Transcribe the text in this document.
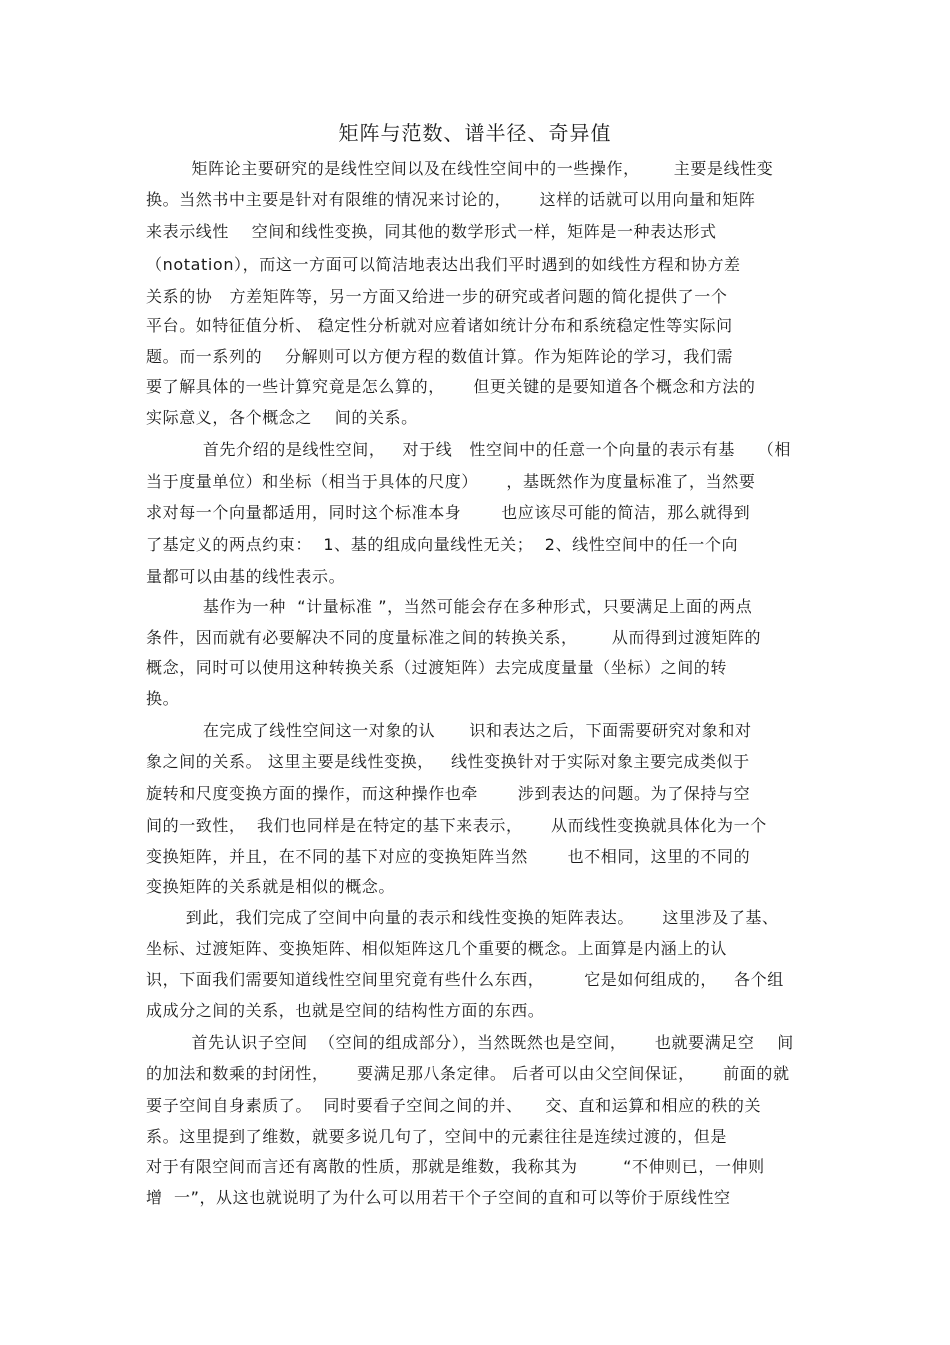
矩阵与范数、谱半径、奇异值
矩阵论主要研究的是线性空间以及在线性空间中的一些操作，      主要是线性变
换。当然书中主要是针对有限维的情况来讨论的，     这样的话就可以用向量和矩阵
来表示线性    空间和线性变换，同其他的数学形式一样，矩阵是一种表达形式
（notation），而这一方面可以简洁地表达出我们平时遇到的如线性方程和协方差
关系的协   方差矩阵等，另一方面又给进一步的研究或者问题的简化提供了一个
平台。如特征值分析、 稳定性分析就对应着诸如统计分布和系统稳定性等实际问
题。而一系列的    分解则可以方便方程的数值计算。作为矩阵论的学习，我们需
要了解具体的一些计算究竟是怎么算的，     但更关键的是要知道各个概念和方法的
实际意义，各个概念之    间的关系。
首先介绍的是线性空间，   对于线   性空间中的任意一个向量的表示有基    （相
当于度量单位）和坐标（相当于具体的尺度）     ，基既然作为度量标准了，当然要
求对每一个向量都适用，同时这个标准本身       也应该尽可能的简洁，那么就得到
了基定义的两点约束：  1、基的组成向量线性无关；  2、线性空间中的任一个向
量都可以由基的线性表示。
基作为一种  “计量标准 ”，当然可能会存在多种形式，只要满足上面的两点
条件，因而就有必要解决不同的度量标准之间的转换关系，      从而得到过渡矩阵的
概念，同时可以使用这种转换关系（过渡矩阵）去完成度量量（坐标）之间的转
换。
在完成了线性空间这一对象的认      识和表达之后，下面需要研究对象和对
象之间的关系。 这里主要是线性变换，   线性变换针对于实际对象主要完成类似于
旋转和尺度变换方面的操作，而这种操作也牵       涉到表达的问题。为了保持与空
间的一致性，  我们也同样是在特定的基下来表示，     从而线性变换就具体化为一个
变换矩阵，并且，在不同的基下对应的变换矩阵当然       也不相同，这里的不同的
变换矩阵的关系就是相似的概念。
到此，我们完成了空间中向量的表示和线性变换的矩阵表达。     这里涉及了基、
坐标、过渡矩阵、变换矩阵、相似矩阵这几个重要的概念。上面算是内涵上的认
识，下面我们需要知道线性空间里究竟有些什么东西，       它是如何组成的，   各个组
成成分之间的关系，也就是空间的结构性方面的东西。
首先认识子空间  （空间的组成部分），当然既然也是空间，     也就要满足空    间
的加法和数乘的封闭性，     要满足那八条定律。 后者可以由父空间保证，     前面的就
要子空间自身素质了。  同时要看子空间之间的并、    交、直和运算和相应的秩的关
系。这里提到了维数，就要多说几句了，空间中的元素往往是连续过渡的，但是
对于有限空间而言还有离散的性质，那就是维数，我称其为        “不伸则已，一伸则
增  一”，从这也就说明了为什么可以用若干个子空间的直和可以等价于原线性空
